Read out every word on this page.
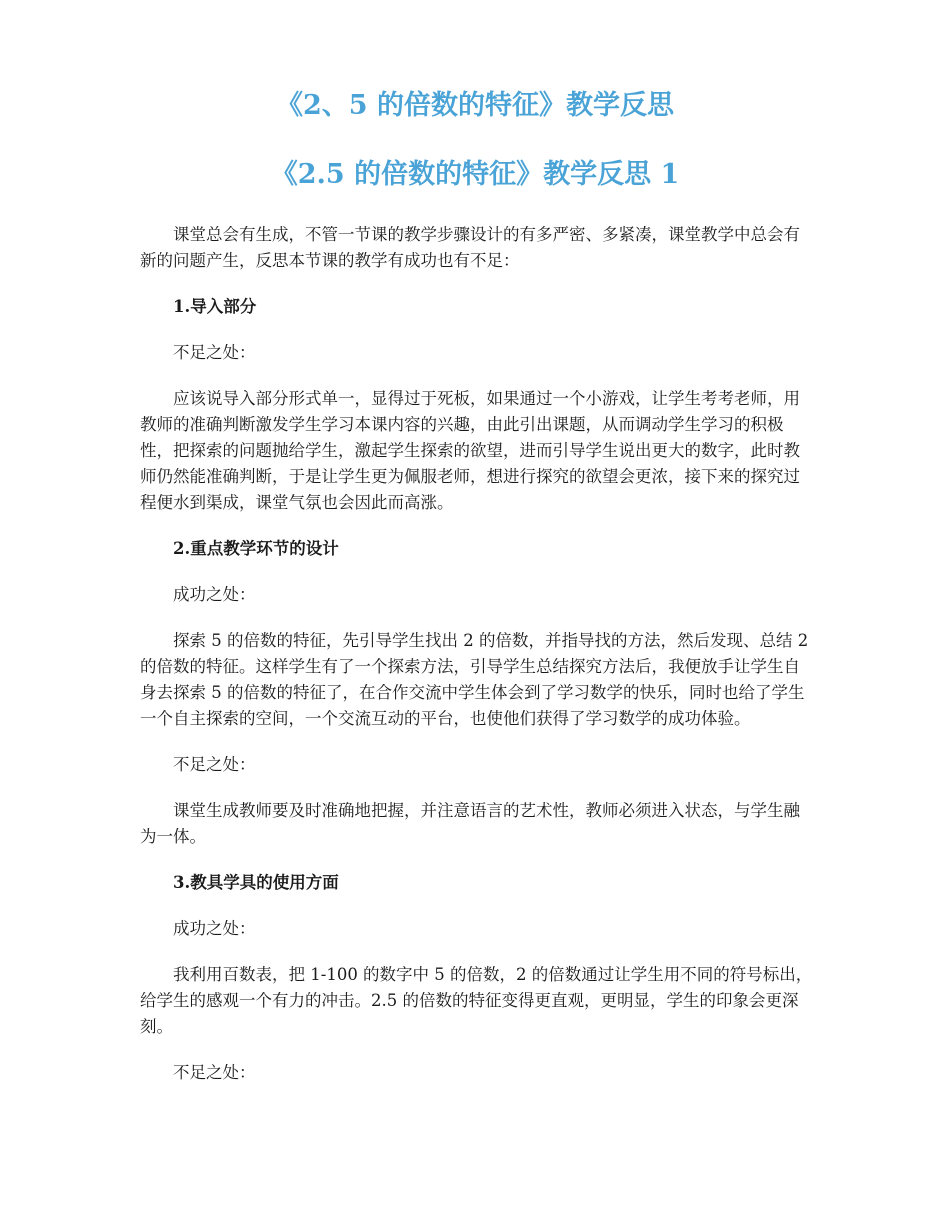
《2、5 的倍数的特征》教学反思
《2.5 的倍数的特征》教学反思 1

课堂总会有生成，不管一节课的教学步骤设计的有多严密、多紧凑，课堂教学中总会有新的问题产生，反思本节课的教学有成功也有不足：

1.导入部分

不足之处：

应该说导入部分形式单一，显得过于死板，如果通过一个小游戏，让学生考考老师，用教师的准确判断激发学生学习本课内容的兴趣，由此引出课题，从而调动学生学习的积极性，把探索的问题抛给学生，激起学生探索的欲望，进而引导学生说出更大的数字，此时教师仍然能准确判断，于是让学生更为佩服老师，想进行探究的欲望会更浓，接下来的探究过程便水到渠成，课堂气氛也会因此而高涨。

2.重点教学环节的设计

成功之处：

探索 5 的倍数的特征，先引导学生找出 2 的倍数，并指导找的方法，然后发现、总结 2 的倍数的特征。这样学生有了一个探索方法，引导学生总结探究方法后，我便放手让学生自身去探索 5 的倍数的特征了，在合作交流中学生体会到了学习数学的快乐，同时也给了学生一个自主探索的空间，一个交流互动的平台，也使他们获得了学习数学的成功体验。

不足之处：

课堂生成教师要及时准确地把握，并注意语言的艺术性，教师必须进入状态，与学生融为一体。

3.教具学具的使用方面

成功之处：

我利用百数表，把 1-100 的数字中 5 的倍数，2 的倍数通过让学生用不同的符号标出，给学生的感观一个有力的冲击。2.5 的倍数的特征变得更直观，更明显，学生的印象会更深刻。

不足之处：
